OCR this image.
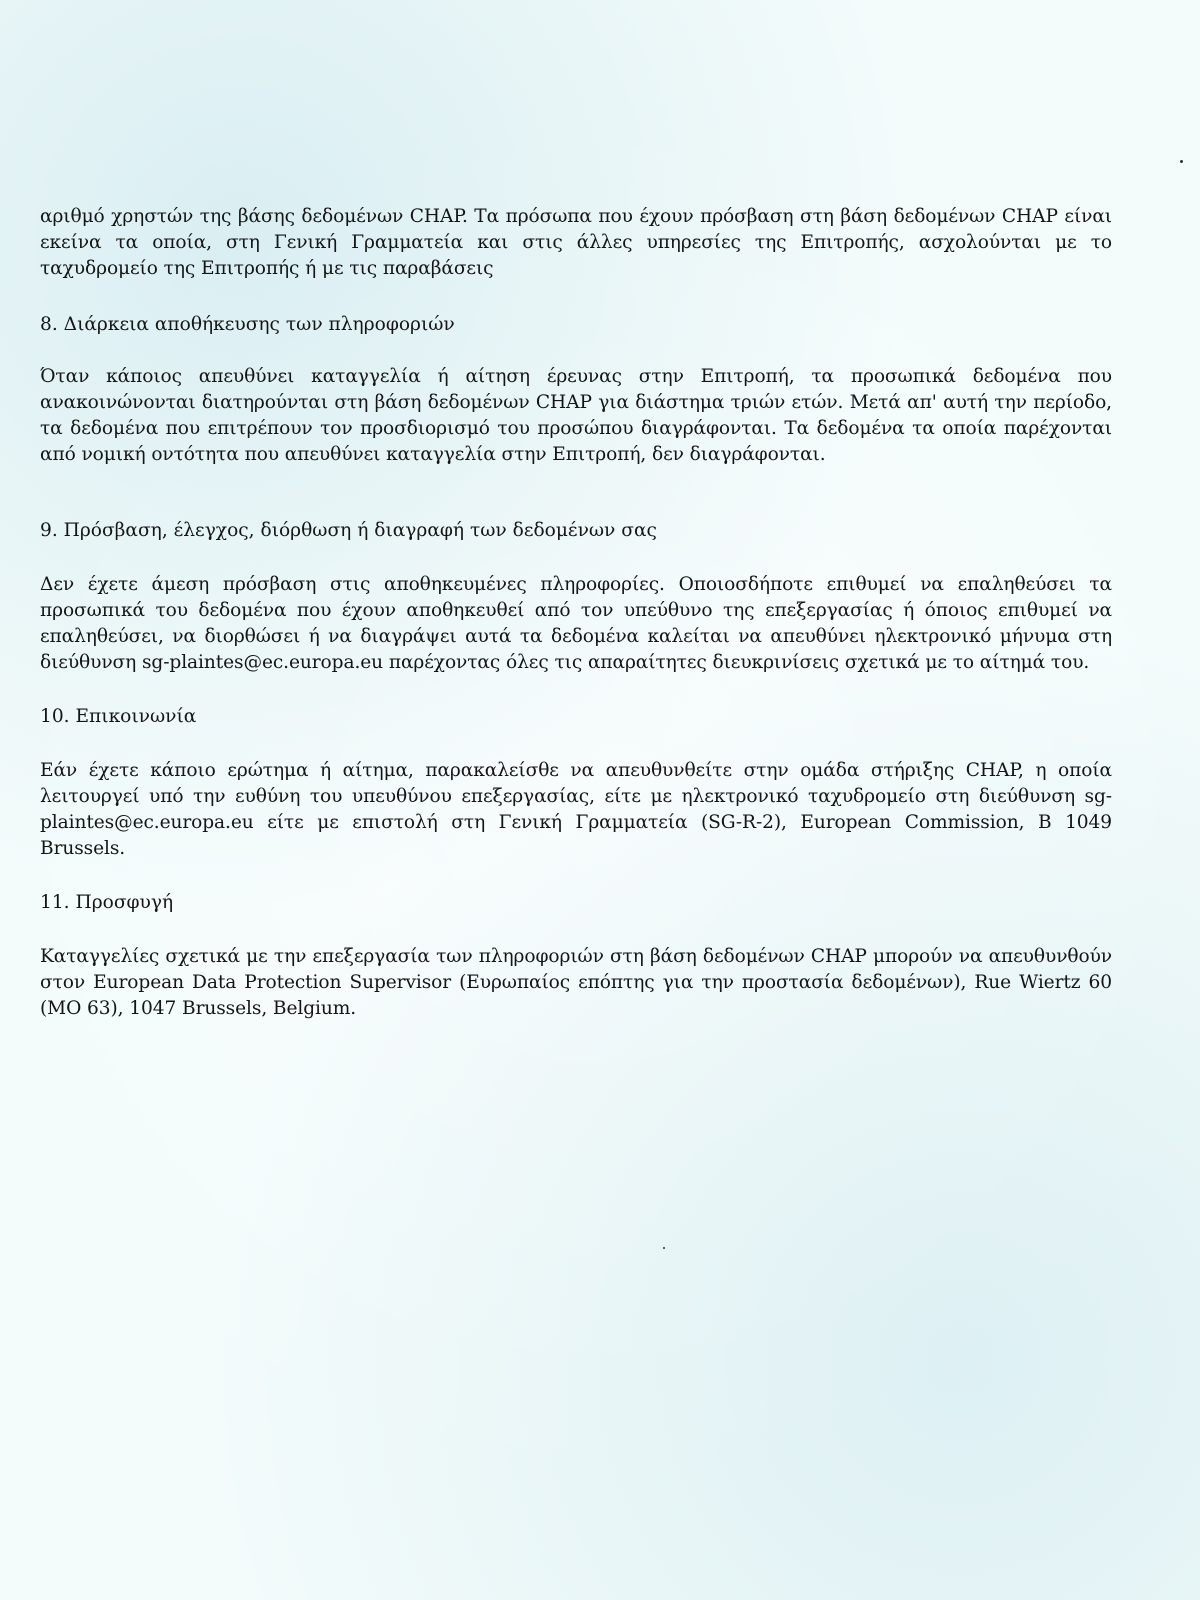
αριθμό χρηστών της βάσης δεδομένων CHAP. Τα πρόσωπα που έχουν πρόσβαση στη βάση δεδομένων CHAP είναι εκείνα τα οποία, στη Γενική Γραμματεία και στις άλλες υπηρεσίες της Επιτροπής, ασχολούνται με το ταχυδρομείο της Επιτροπής ή με τις παραβάσεις

8. Διάρκεια αποθήκευσης των πληροφοριών

Όταν κάποιος απευθύνει καταγγελία ή αίτηση έρευνας στην Επιτροπή, τα προσωπικά δεδομένα που ανακοινώνονται διατηρούνται στη βάση δεδομένων CHAP για διάστημα τριών ετών. Μετά απ' αυτή την περίοδο, τα δεδομένα που επιτρέπουν τον προσδιορισμό του προσώπου διαγράφονται. Τα δεδομένα τα οποία παρέχονται από νομική οντότητα που απευθύνει καταγγελία στην Επιτροπή, δεν διαγράφονται.

9. Πρόσβαση, έλεγχος, διόρθωση ή διαγραφή των δεδομένων σας

Δεν έχετε άμεση πρόσβαση στις αποθηκευμένες πληροφορίες. Οποιοσδήποτε επιθυμεί να επαληθεύσει τα προσωπικά του δεδομένα που έχουν αποθηκευθεί από τον υπεύθυνο της επεξεργασίας ή όποιος επιθυμεί να επαληθεύσει, να διορθώσει ή να διαγράψει αυτά τα δεδομένα καλείται να απευθύνει ηλεκτρονικό μήνυμα στη διεύθυνση sg-plaintes@ec.europa.eu παρέχοντας όλες τις απαραίτητες διευκρινίσεις σχετικά με το αίτημά του.

10. Επικοινωνία

Εάν έχετε κάποιο ερώτημα ή αίτημα, παρακαλείσθε να απευθυνθείτε στην ομάδα στήριξης CHAP, η οποία λειτουργεί υπό την ευθύνη του υπευθύνου επεξεργασίας, είτε με ηλεκτρονικό ταχυδρομείο στη διεύθυνση sg-plaintes@ec.europa.eu είτε με επιστολή στη Γενική Γραμματεία (SG-R-2), European Commission, B 1049 Brussels.

11. Προσφυγή

Καταγγελίες σχετικά με την επεξεργασία των πληροφοριών στη βάση δεδομένων CHAP μπορούν να απευθυνθούν στον European Data Protection Supervisor (Ευρωπαίος επόπτης για την προστασία δεδομένων), Rue Wiertz 60 (MO 63), 1047 Brussels, Belgium.
